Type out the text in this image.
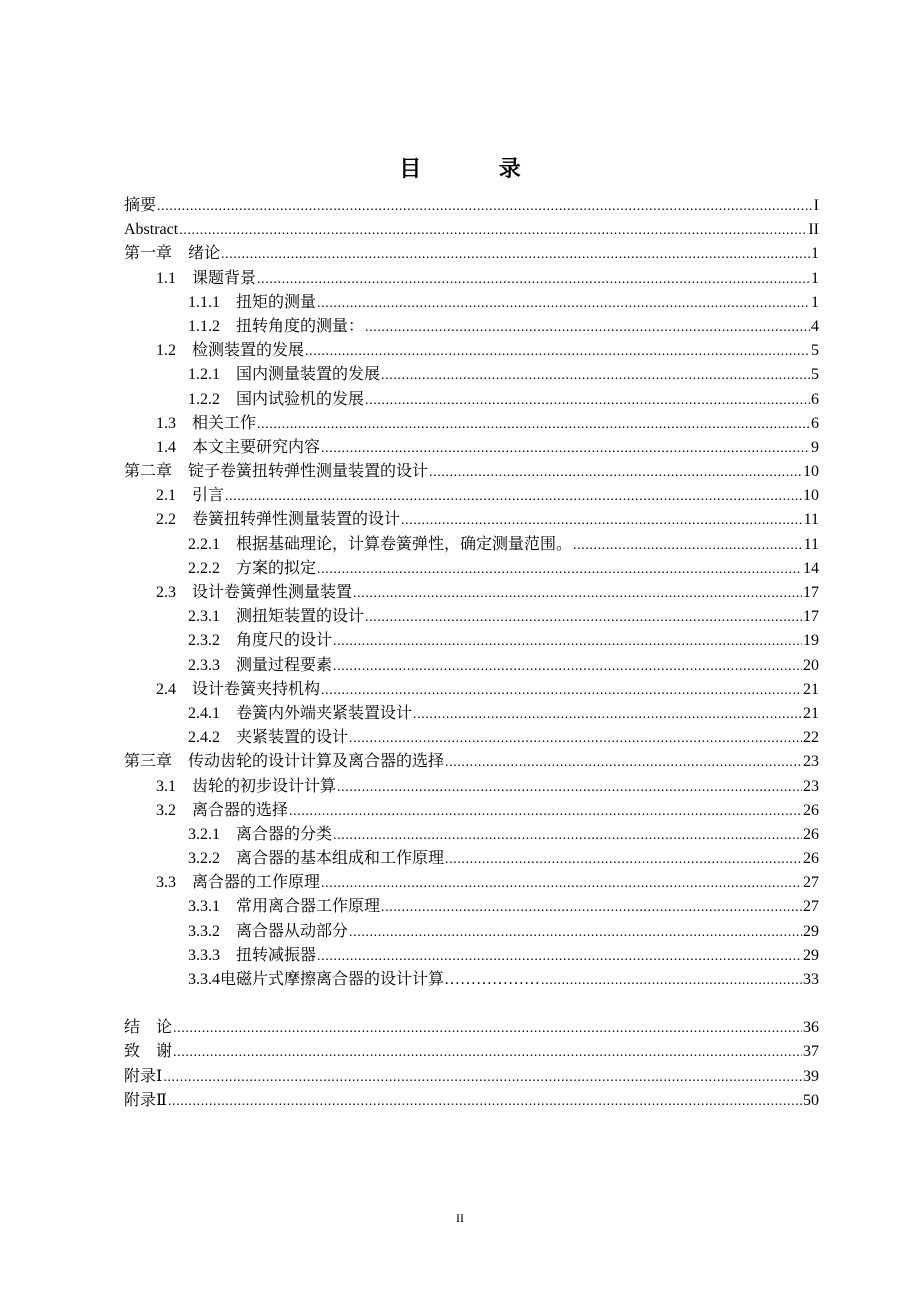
目 录
摘要 .....	I
Abstract .....	II
第一章　绪论 .....	1
1.1　课题背景 .....	1
1.1.1　扭矩的测量 .....	1
1.1.2　扭转角度的测量： .....	4
1.2　检测装置的发展 .....	5
1.2.1　国内测量装置的发展 .....	5
1.2.2　国内试验机的发展 .....	6
1.3　相关工作 .....	6
1.4　本文主要研究内容 .....	9
第二章　锭子卷簧扭转弹性测量装置的设计 .....	10
2.1　引言 .....	10
2.2　卷簧扭转弹性测量装置的设计 .....	11
2.2.1　根据基础理论，计算卷簧弹性，确定测量范围。 .....	11
2.2.2　方案的拟定 .....	14
2.3　设计卷簧弹性测量装置 .....	17
2.3.1　测扭矩装置的设计 .....	17
2.3.2　角度尺的设计 .....	19
2.3.3　测量过程要素 .....	20
2.4　设计卷簧夹持机构 .....	21
2.4.1　卷簧内外端夹紧装置设计 .....	21
2.4.2　夹紧装置的设计 .....	22
第三章　传动齿轮的设计计算及离合器的选择 .....	23
3.1　齿轮的初步设计计算 .....	23
3.2　离合器的选择 .....	26
3.2.1　离合器的分类 .....	26
3.2.2　离合器的基本组成和工作原理 .....	26
3.3　离合器的工作原理 .....	27
3.3.1　常用离合器工作原理 .....	27
3.3.2　离合器从动部分 .....	29
3.3.3　扭转减振器 .....	29
3.3.4电磁片式摩擦离合器的设计计算……………… .....	33
结　论 .....	36
致　谢 .....	37
附录Ⅰ .....	39
附录Ⅱ .....	50
II
